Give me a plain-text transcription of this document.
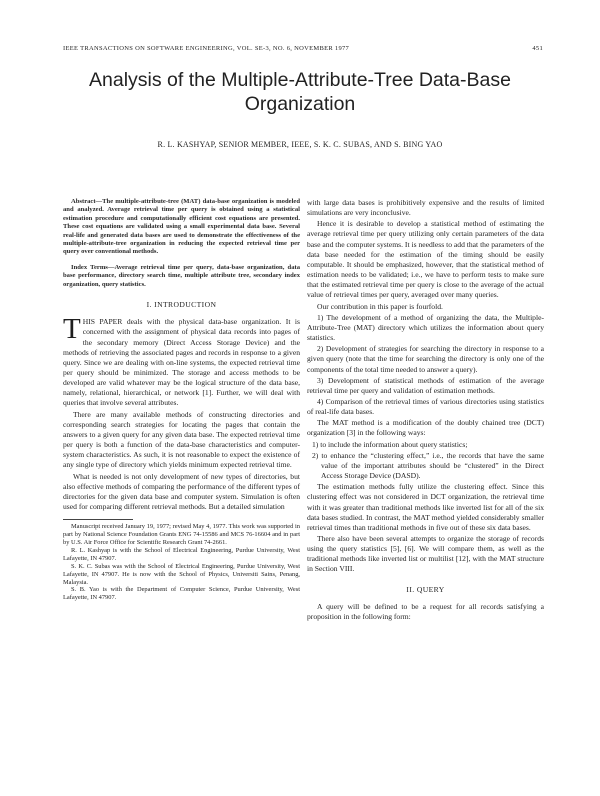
IEEE TRANSACTIONS ON SOFTWARE ENGINEERING, VOL. SE-3, NO. 6, NOVEMBER 1977	451
Analysis of the Multiple-Attribute-Tree Data-Base Organization
R. L. KASHYAP, SENIOR MEMBER, IEEE, S. K. C. SUBAS, AND S. BING YAO

Abstract—The multiple-attribute-tree (MAT) data-base organization is modeled and analyzed. Average retrieval time per query is obtained using a statistical estimation procedure and computationally efficient cost equations are presented. These cost equations are validated using a small experimental data base. Several real-life and generated data bases are used to demonstrate the effectiveness of the multiple-attribute-tree organization in reducing the expected retrieval time per query over conventional methods.

Index Terms—Average retrieval time per query, data-base organization, data base performance, directory search time, multiple attribute tree, secondary index organization, query statistics.

I. INTRODUCTION

THIS PAPER deals with the physical data-base organization. It is concerned with the assignment of physical data records into pages of the secondary memory (Direct Access Storage Device) and the methods of retrieving the associated pages and records in response to a given query. Since we are dealing with on-line systems, the expected retrieval time per query should be minimized. The storage and access methods to be developed are valid whatever may be the logical structure of the data base, namely, relational, hierarchical, or network [1]. Further, we will deal with queries that involve several attributes.

There are many available methods of constructing directories and corresponding search strategies for locating the pages that contain the answers to a given query for any given data base. The expected retrieval time per query is both a function of the data-base characteristics and computer-system characteristics. As such, it is not reasonable to expect the existence of any single type of directory which yields minimum expected retrieval time.

What is needed is not only development of new types of directories, but also effective methods of comparing the performance of the different types of directories for the given data base and computer system. Simulation is often used for comparing different retrieval methods. But a detailed simulation

Manuscript received January 19, 1977; revised May 4, 1977. This work was supported in part by National Science Foundation Grants ENG 74-15586 and MCS 76-16604 and in part by U.S. Air Force Office for Scientific Research Grant 74-2661.

R. L. Kashyap is with the School of Electrical Engineering, Purdue University, West Lafayette, IN 47907.

S. K. C. Subas was with the School of Electrical Engineering, Purdue University, West Lafayette, IN 47907. He is now with the School of Physics, Universiti Sains, Penang, Malaysia.

S. B. Yao is with the Department of Computer Science, Purdue University, West Lafayette, IN 47907.

with large data bases is prohibitively expensive and the results of limited simulations are very inconclusive.

Hence it is desirable to develop a statistical method of estimating the average retrieval time per query utilizing only certain parameters of the data base and the computer systems. It is needless to add that the parameters of the data base needed for the estimation of the timing should be easily computable. It should be emphasized, however, that the statistical method of estimation needs to be validated; i.e., we have to perform tests to make sure that the estimated retrieval time per query is close to the average of the actual value of retrieval times per query, averaged over many queries.

Our contribution in this paper is fourfold.

1) The development of a method of organizing the data, the Multiple-Attribute-Tree (MAT) directory which utilizes the information about query statistics.

2) Development of strategies for searching the directory in response to a given query (note that the time for searching the directory is only one of the components of the total time needed to answer a query).

3) Development of statistical methods of estimation of the average retrieval time per query and validation of estimation methods.

4) Comparison of the retrieval times of various directories using statistics of real-life data bases.

The MAT method is a modification of the doubly chained tree (DCT) organization [3] in the following ways:

1) to include the information about query statistics;

2) to enhance the “clustering effect,” i.e., the records that have the same value of the important attributes should be “clustered” in the Direct Access Storage Device (DASD).

The estimation methods fully utilize the clustering effect. Since this clustering effect was not considered in DCT organization, the retrieval time with it was greater than traditional methods like inverted list for all of the six data bases studied. In contrast, the MAT method yielded considerably smaller retrieval times than traditional methods in five out of these six data bases.

There also have been several attempts to organize the storage of records using the query statistics [5], [6]. We will compare them, as well as the traditional methods like inverted list or multilist [12], with the MAT structure in Section VIII.

II. QUERY

A query will be defined to be a request for all records satisfying a proposition in the following form:
